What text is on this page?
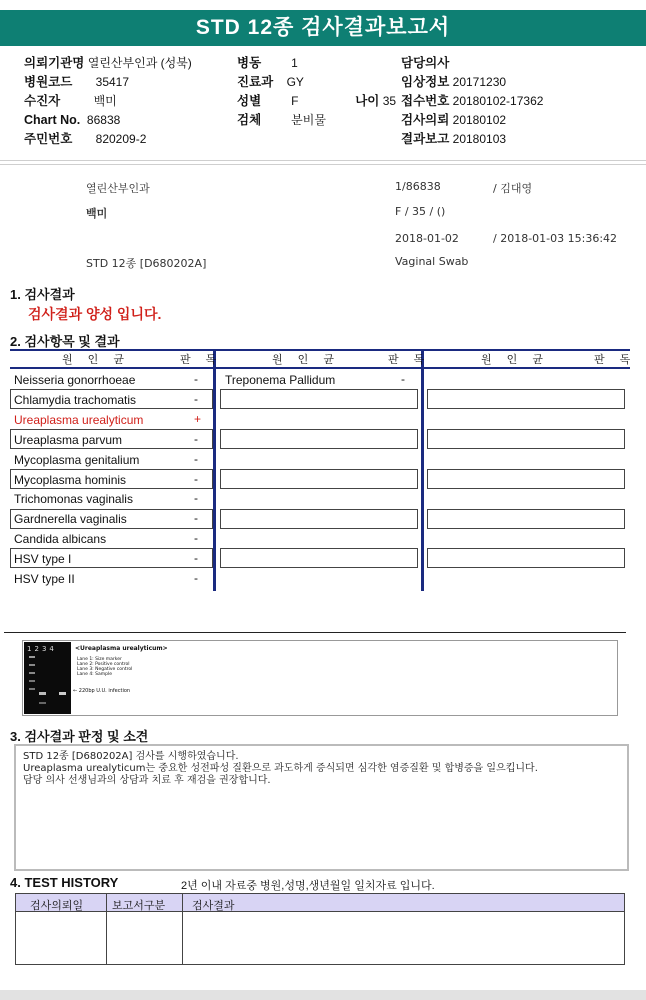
STD 12종 검사결과보고서
의뢰기관명 열린산부인과 (성북)
병원코드 35417
수진자	백미
Chart No. 86838
주민번호 820209-2
병동	1
진료과 GY
성별	F	나이 35
검체	분비물
담당의사
임상정보 20171230
접수번호 20180102-17362
검사의뢰 20180102
결과보고 20180103
열린산부인과
백미
STD 12종 [D680202A]
1/86838	/ 김대영
F / 35 / ()
2018-01-02	/ 2018-01-03 15:36:42
Vaginal Swab
1. 검사결과
검사결과 양성 입니다.
2. 검사항목 및 결과
원 인 균	판 독	원 인 균	판 독	원 인 균	판 독
Neisseria gonorrhoeae	-
Chlamydia trachomatis	-
Ureaplasma urealyticum	+
Ureaplasma parvum	-
Mycoplasma genitalium	-
Mycoplasma hominis	-
Trichomonas vaginalis	-
Gardnerella vaginalis	-
Candida albicans	-
HSV type I	-
HSV type II	-
Treponema Pallidum	-
1234	<Ureaplasma urealyticum>
Lane 1: Size marker
Lane 2: Positive control
Lane 3: Negative control
Lane 4: Sample
← 220bp U.U. infection
3. 검사결과 판정 및 소견
STD 12종 [D680202A] 검사를 시행하였습니다.
Ureaplasma urealyticum는 중요한 성전파성 질환으로 과도하게 증식되면 심각한 염증질환 및 합병증을 일으킵니다.
담당 의사 선생님과의 상담과 치료 후 재검을 권장합니다.
4. TEST HISTORY	2년 이내 자료중 병원,성명,생년월일 일치자료 입니다.
검사의뢰일	보고서구분 검사결과
